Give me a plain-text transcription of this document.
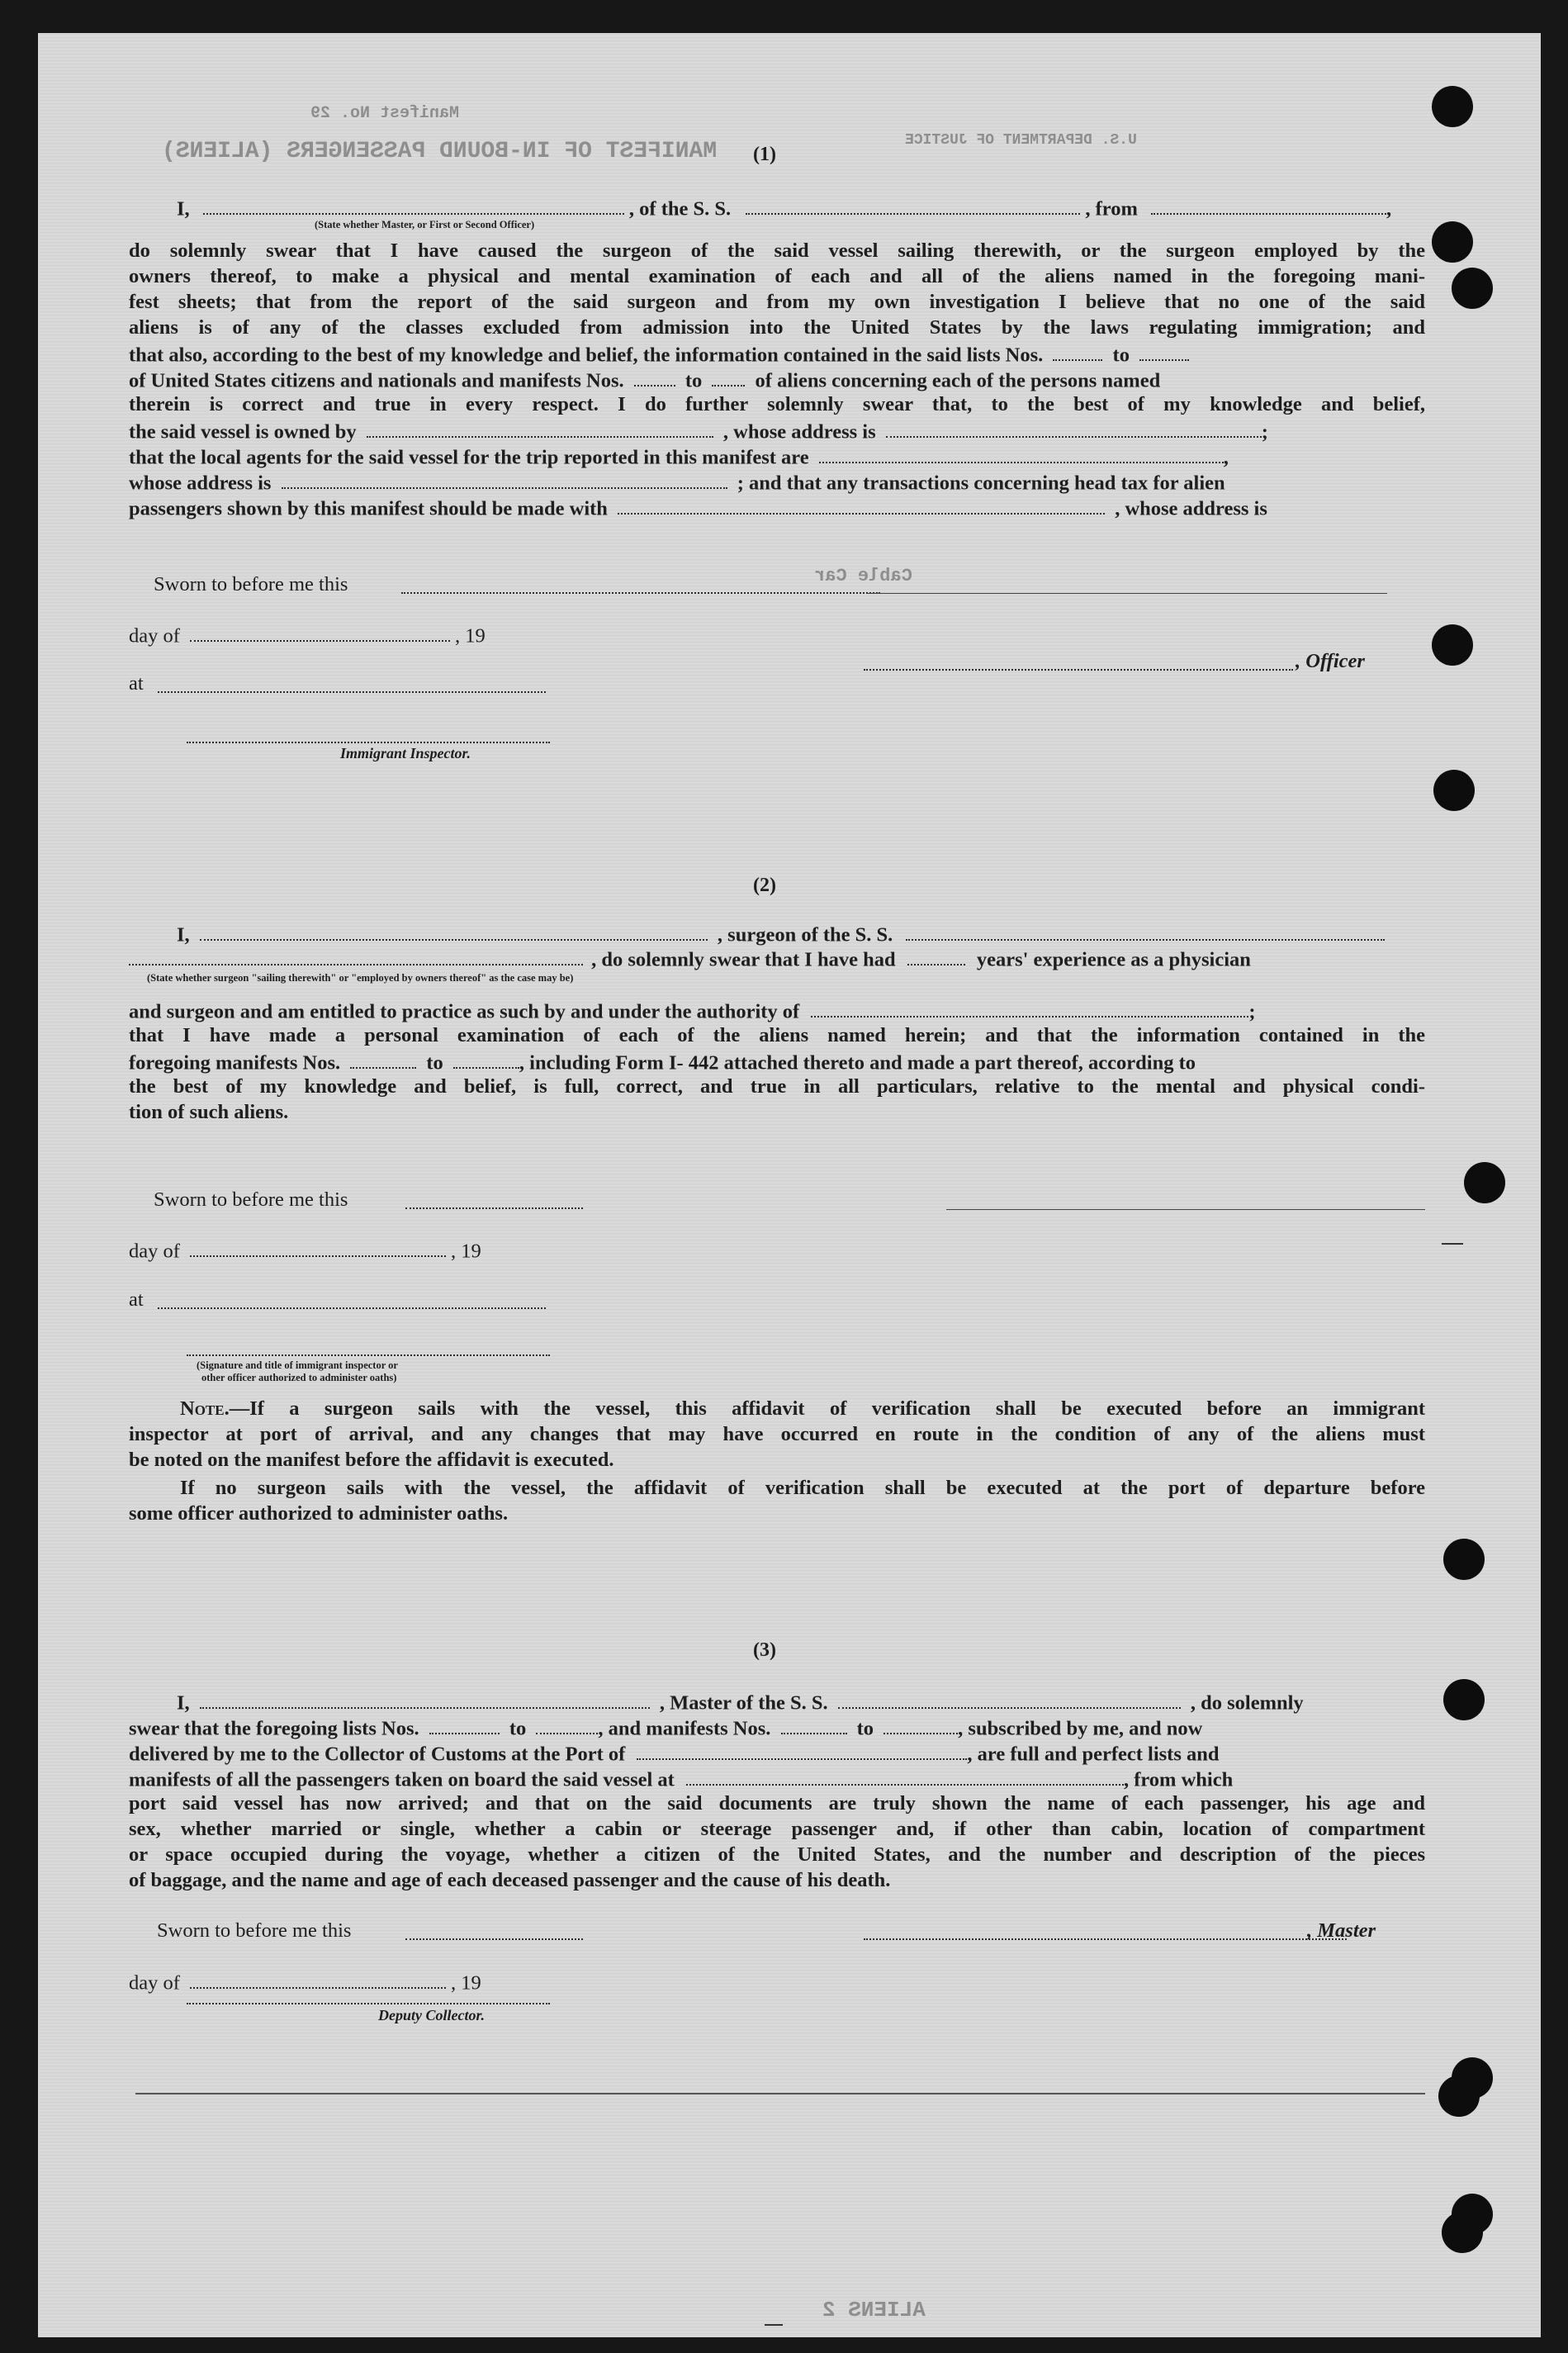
MANIFEST OF IN-BOUND PASSENGERS (ALIENS)
Manifest No. 29
U.S. DEPARTMENT OF JUSTICE
Cable Car
ALIENS 2
(1)
I,	, of the S. S.	, from	,
(State whether Master, or First or Second Officer)
do solemnly swear that I have caused the surgeon of the said vessel sailing therewith, or the surgeon employed by the
owners thereof, to make a physical and mental examination of each and all of the aliens named in the foregoing mani-
fest sheets; that from the report of the said surgeon and from my own investigation I believe that no one of the said
aliens is of any of the classes excluded from admission into the United States by the laws regulating immigration; and
that also, according to the best of my knowledge and belief, the information contained in the said lists Nos.	to
of United States citizens and nationals and manifests Nos.	to	of aliens concerning each of the persons named
therein is correct and true in every respect. I do further solemnly swear that, to the best of my knowledge and belief,
the said vessel is owned by	, whose address is	;
that the local agents for the said vessel for the trip reported in this manifest are	,
whose address is	; and that any transactions concerning head tax for alien
passengers shown by this manifest should be made with	, whose address is
Sworn to before me this
day of	, 19
, Officer
at
Immigrant Inspector.
(2)
I,	, surgeon of the S. S.
, do solemnly swear that I have had	years' experience as a physician
(State whether surgeon "sailing therewith" or "employed by owners thereof" as the case may be)
and surgeon and am entitled to practice as such by and under the authority of	;
that I have made a personal examination of each of the aliens named herein; and that the information contained in the
foregoing manifests Nos.	to	, including Form I- 442 attached thereto and made a part thereof, according to
the best of my knowledge and belief, is full, correct, and true in all particulars, relative to the mental and physical condi-
tion of such aliens.
Sworn to before me this
day of	, 19
at
(Signature and title of immigrant inspector or
other officer authorized to administer oaths)
Note.—If a surgeon sails with the vessel, this affidavit of verification shall be executed before an immigrant
inspector at port of arrival, and any changes that may have occurred en route in the condition of any of the aliens must
be noted on the manifest before the affidavit is executed.
If no surgeon sails with the vessel, the affidavit of verification shall be executed at the port of departure before
some officer authorized to administer oaths.
(3)
I,	, Master of the S. S.	, do solemnly
swear that the foregoing lists Nos.	to	, and manifests Nos.	to	, subscribed by me, and now
delivered by me to the Collector of Customs at the Port of	, are full and perfect lists and
manifests of all the passengers taken on board the said vessel at	, from which
port said vessel has now arrived; and that on the said documents are truly shown the name of each passenger, his age and
sex, whether married or single, whether a cabin or steerage passenger and, if other than cabin, location of compartment
or space occupied during the voyage, whether a citizen of the United States, and the number and description of the pieces
of baggage, and the name and age of each deceased passenger and the cause of his death.
Sworn to before me this	, Master
day of	, 19
Deputy Collector.
